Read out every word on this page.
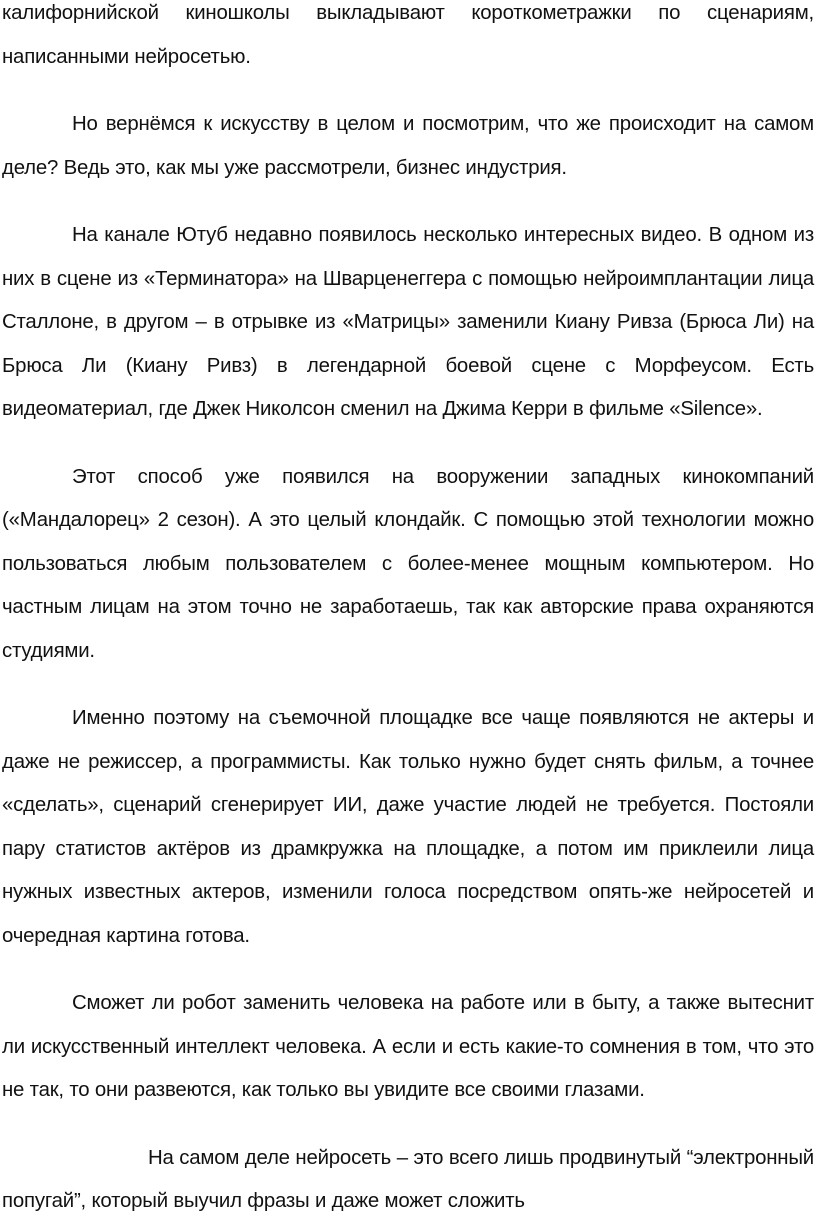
калифорнийской киношколы выкладывают короткометражки по сценариям, написанными нейросетью.

Но вернёмся к искусству в целом и посмотрим, что же происходит на самом деле? Ведь это, как мы уже рассмотрели, бизнес индустрия.

На канале Ютуб недавно появилось несколько интересных видео. В одном из них в сцене из «Терминатора» на Шварценеггера с помощью нейроимплантации лица Сталлоне, в другом – в отрывке из «Матрицы» заменили Киану Ривза (Брюса Ли) на Брюса Ли (Киану Ривз) в легендарной боевой сцене с Морфеусом. Есть видеоматериал, где Джек Николсон сменил на Джима Керри в фильме «Silence».

Этот способ уже появился на вооружении западных кинокомпаний («Мандалорец» 2 сезон). А это целый клондайк. С помощью этой технологии можно пользоваться любым пользователем с более-менее мощным компьютером. Но частным лицам на этом точно не заработаешь, так как авторские права охраняются студиями.

Именно поэтому на съемочной площадке все чаще появляются не актеры и даже не режиссер, а программисты. Как только нужно будет снять фильм, а точнее «сделать», сценарий сгенерирует ИИ, даже участие людей не требуется. Постояли пару статистов актёров из драмкружка на площадке, а потом им приклеили лица нужных известных актеров, изменили голоса посредством опять-же нейросетей и очередная картина готова.

Сможет ли робот заменить человека на работе или в быту, а также вытеснит ли искусственный интеллект человека. А если и есть какие-то сомнения в том, что это не так, то они развеются, как только вы увидите все своими глазами.

На самом деле нейросеть – это всего лишь продвинутый “электронный попугай”, который выучил фразы и даже может сложить
